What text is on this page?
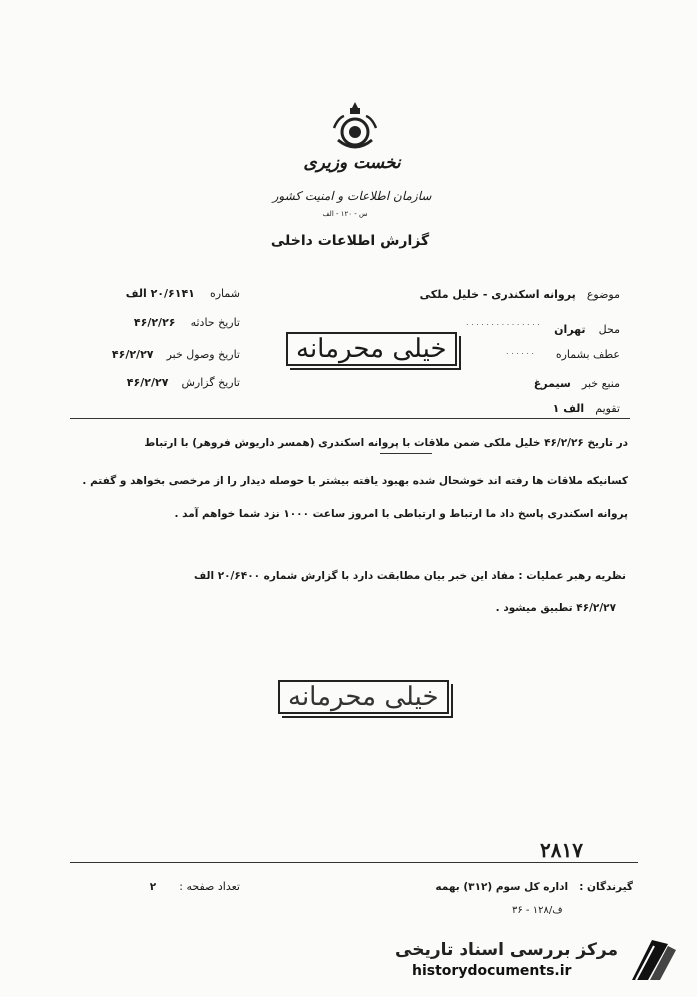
نخست وزیری
سازمان اطلاعات و امنیت کشور
س - ۱۲۰ - الف
گزارش اطلاعات داخلی
شماره ۲۰/۶۱۴۱ الف
تاریخ حادثه ۴۶/۲/۲۶
تاریخ وصول خبر ۴۶/۲/۲۷
تاریخ گزارش ۴۶/۲/۲۷
موضوع پروانه اسکندری - خلیل ملکی
محل تهران
. . . . . . . . . . . . . . .
عطف بشماره
. . . . . .
منبع خبر سیمرغ
تقویم الف ۱
خیلی محرمانه
در تاریخ ۴۶/۲/۲۶ خلیل ملکی ضمن ملاقات با پروانه اسکندری (همسر داریوش فروهر) با ارتباط
کسانیکه ملاقات ها رفته اند خوشحال شده بهبود یافته بیشتر با حوصله دیدار را از مرخصی بخواهد و گفتم .
پروانه اسکندری پاسخ داد ما ارتباط و ارتباطی با امروز ساعت ۱۰۰۰ نزد شما خواهم آمد .
نظریه رهبر عملیات : مفاد این خبر بیان مطابقت دارد با گزارش شماره ۲۰/۶۴۰۰ الف
۴۶/۲/۲۷ تطبیق میشود .
خیلی محرمانه
۲۸۱۷
گیرندگان : اداره کل سوم (۳۱۲) بهمه
تعداد صفحه : ۲
ف/۱۲۸ - ۳۶
مرکز بررسی اسناد تاریخی
historydocuments.ir
